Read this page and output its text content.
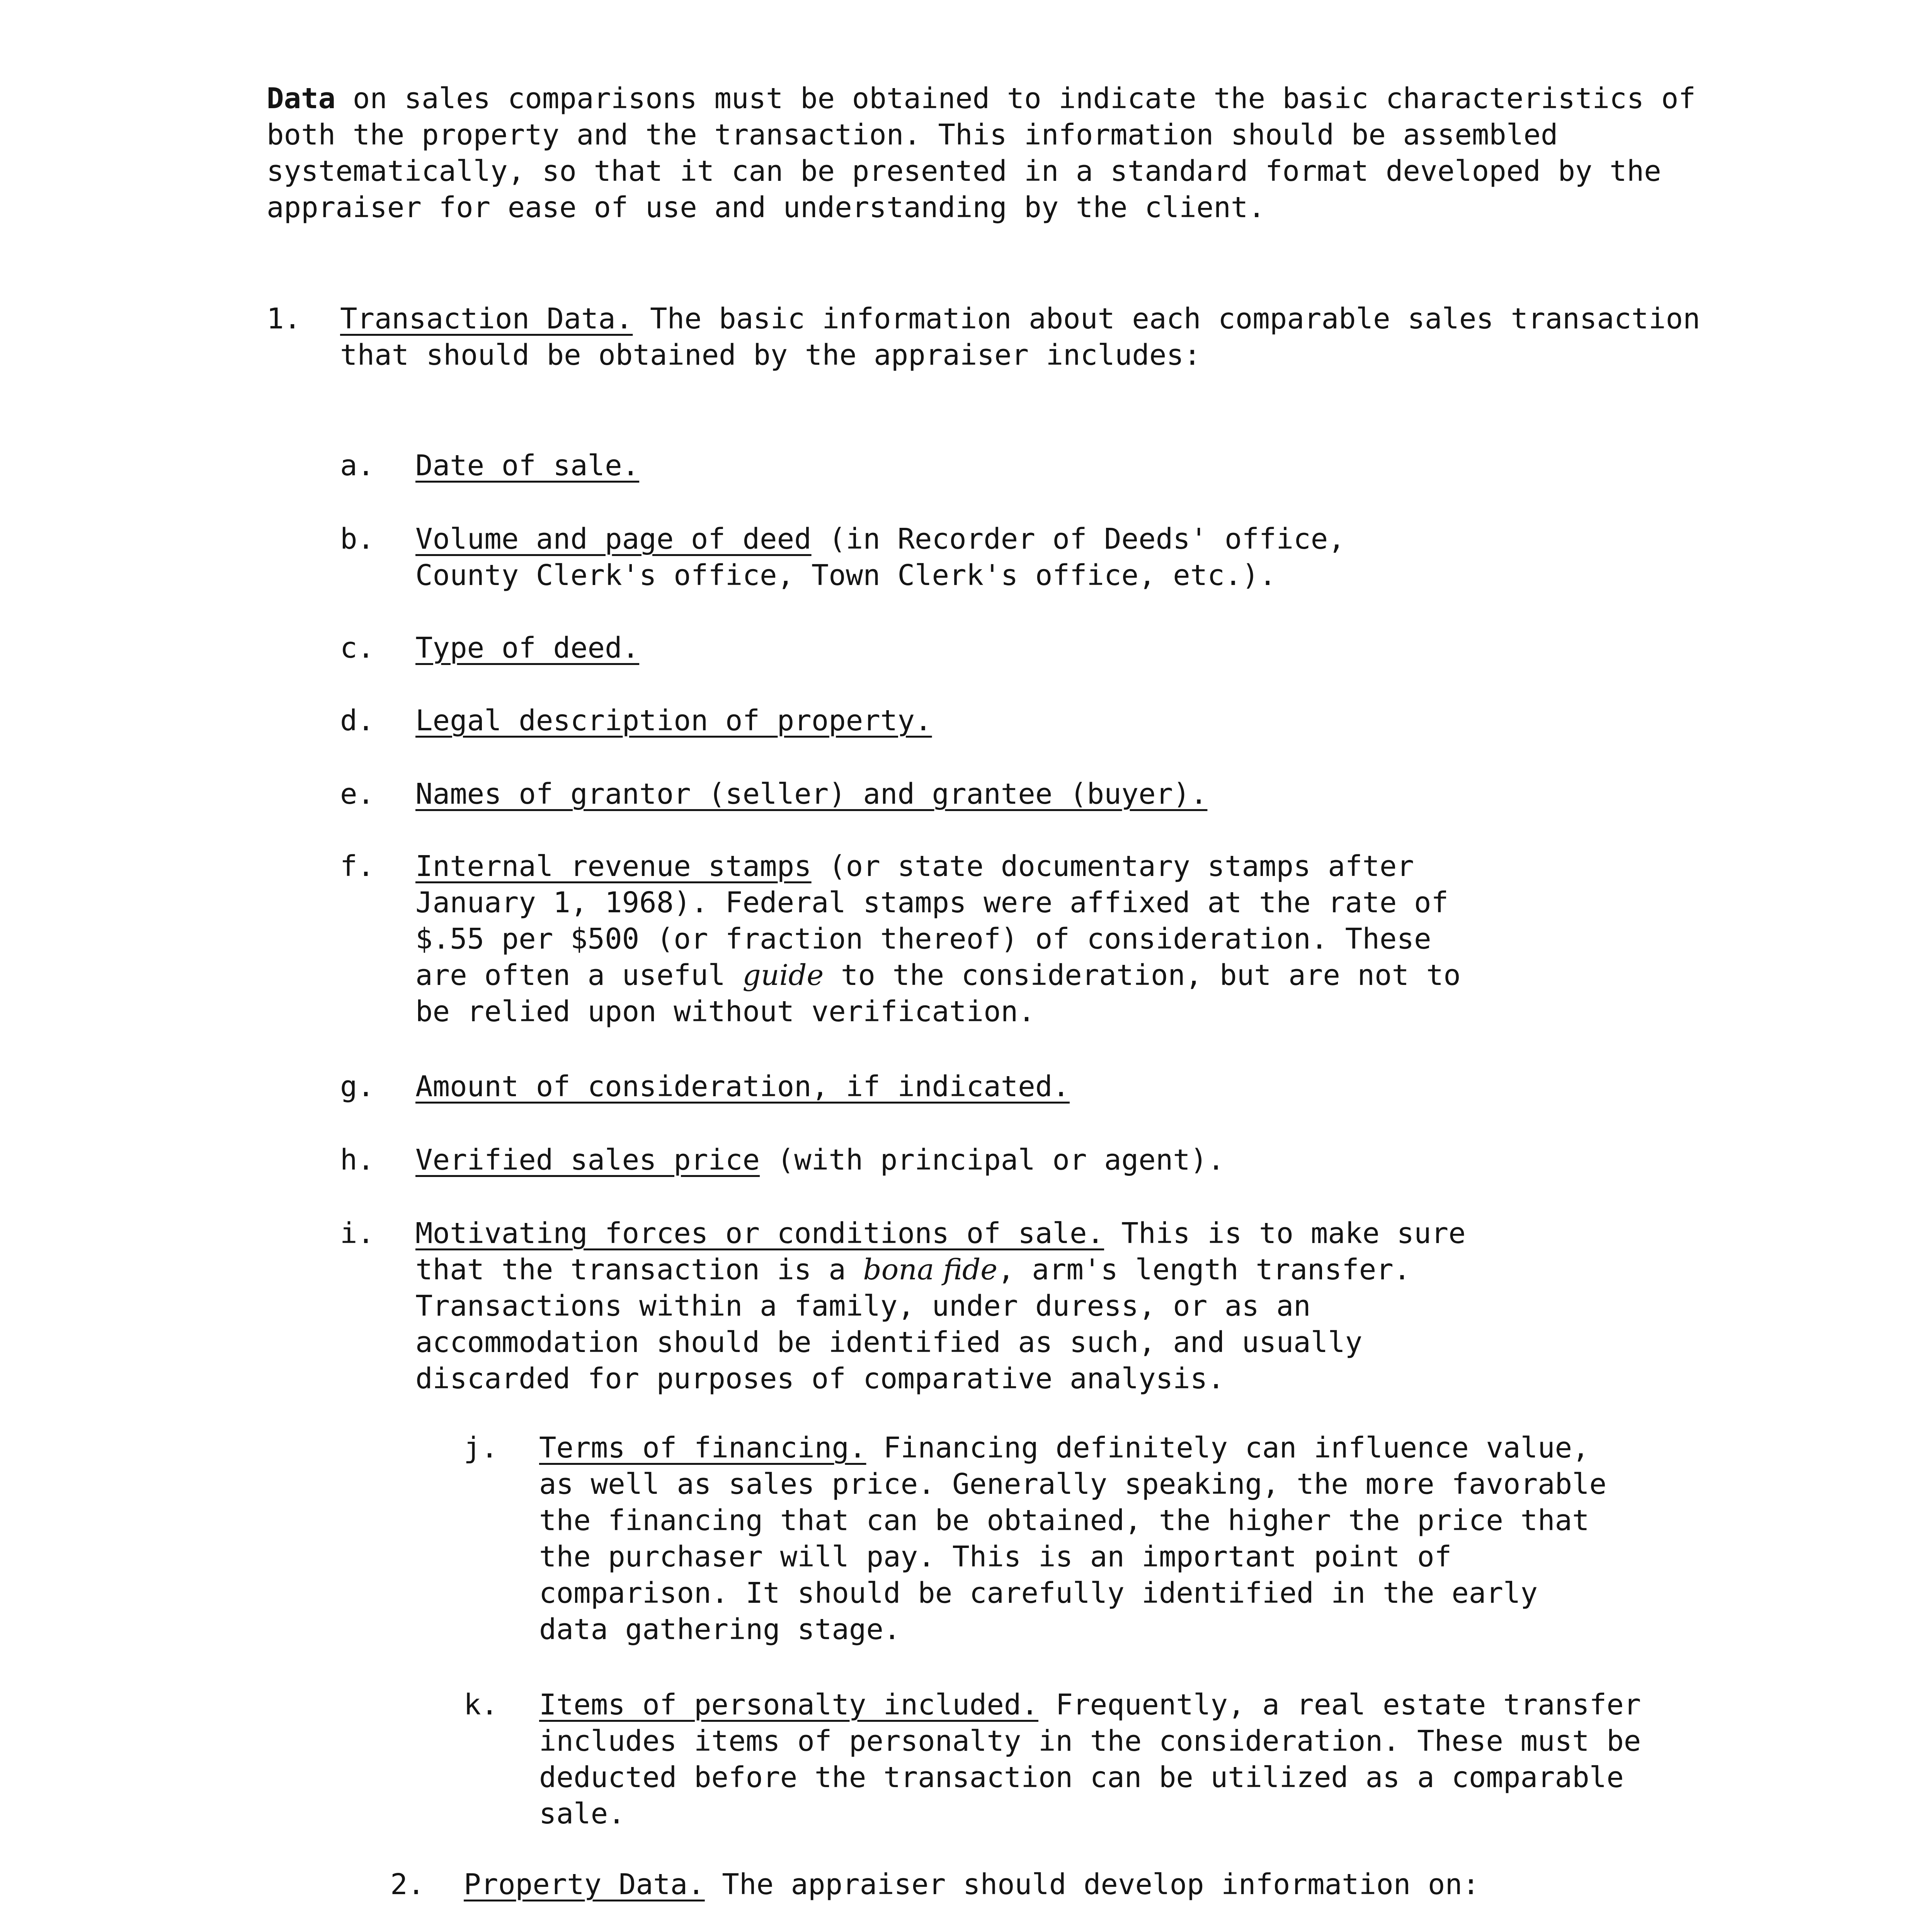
Data on sales comparisons must be obtained to indicate the basic characteristics of both the property and the transaction. This information should be assembled systematically, so that it can be presented in a standard format developed by the appraiser for ease of use and understanding by the client.
1. Transaction Data. The basic information about each comparable sales transaction that should be obtained by the appraiser includes:
a. Date of sale.
b. Volume and page of deed (in Recorder of Deeds' office, County Clerk's office, Town Clerk's office, etc.).
c. Type of deed.
d. Legal description of property.
e. Names of grantor (seller) and grantee (buyer).
f. Internal revenue stamps (or state documentary stamps after January 1, 1968). Federal stamps were affixed at the rate of $.55 per $500 (or fraction thereof) of consideration. These are often a useful guide to the consideration, but are not to be relied upon without verification.
g. Amount of consideration, if indicated.
h. Verified sales price (with principal or agent).
i. Motivating forces or conditions of sale. This is to make sure that the transaction is a bona fide, arm's length transfer. Transactions within a family, under duress, or as an accommodation should be identified as such, and usually discarded for purposes of comparative analysis.
j. Terms of financing. Financing definitely can influence value, as well as sales price. Generally speaking, the more favorable the financing that can be obtained, the higher the price that the purchaser will pay. This is an important point of comparison. It should be carefully identified in the early data gathering stage.
k. Items of personalty included. Frequently, a real estate transfer includes items of personalty in the consideration. These must be deducted before the transaction can be utilized as a comparable sale.
2. Property Data. The appraiser should develop information on:
